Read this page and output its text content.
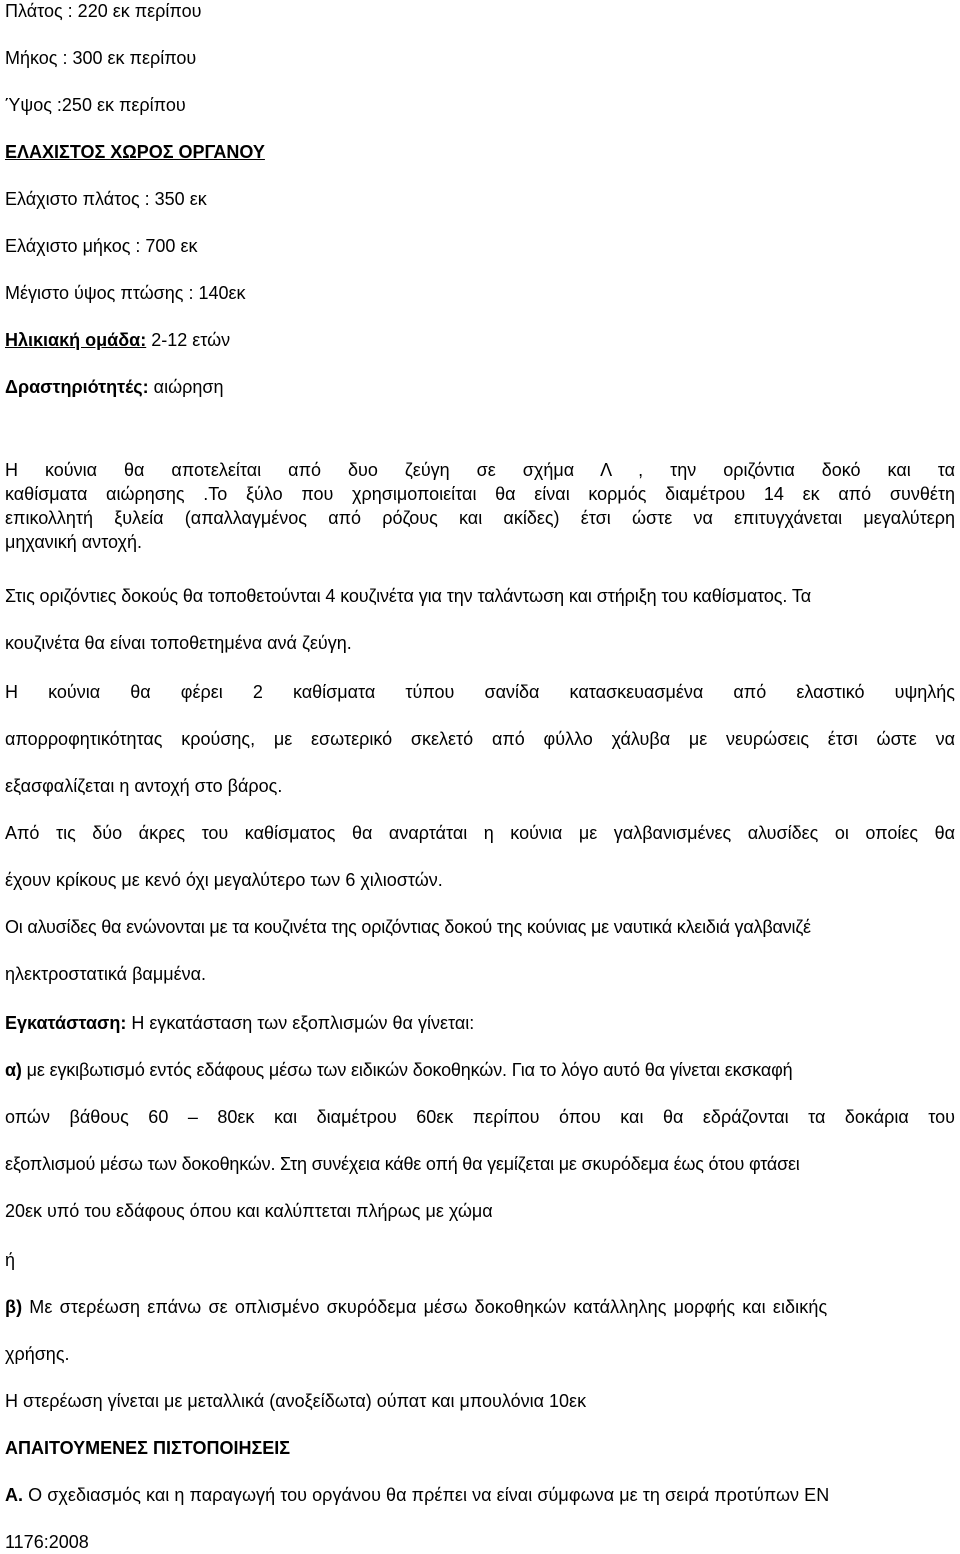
Πλάτος : 220 εκ περίπου
Μήκος : 300 εκ περίπου
Ύψος :250 εκ περίπου
ΕΛΑΧΙΣΤΟΣ ΧΩΡΟΣ ΟΡΓΑΝΟΥ
Ελάχιστο πλάτος : 350 εκ
Ελάχιστο μήκος : 700 εκ
Μέγιστο ύψος πτώσης : 140εκ
Ηλικιακή ομάδα: 2-12 ετών
Δραστηριότητές: αιώρηση
Η κούνια θα αποτελείται από δυο ζεύγη σε σχήμα Λ , την οριζόντια δοκό και τα
καθίσματα αιώρησης .Το ξύλο που χρησιμοποιείται θα είναι κορμός διαμέτρου 14 εκ από συνθέτη
επικολλητή ξυλεία (απαλλαγμένος από ρόζους και ακίδες) έτσι ώστε να επιτυγχάνεται μεγαλύτερη
μηχανική αντοχή.
Στις οριζόντιες δοκούς θα τοποθετούνται 4 κουζινέτα για την ταλάντωση και στήριξη του καθίσματος. Τα
κουζινέτα θα είναι τοποθετημένα ανά ζεύγη.
Η κούνια θα φέρει 2 καθίσματα τύπου σανίδα κατασκευασμένα από ελαστικό υψηλής
απορροφητικότητας κρούσης, με εσωτερικό σκελετό από φύλλο χάλυβα με νευρώσεις έτσι ώστε να
εξασφαλίζεται η αντοχή στο βάρος.
Από τις δύο άκρες του καθίσματος θα αναρτάται η κούνια με γαλβανισμένες αλυσίδες οι οποίες θα
έχουν κρίκους με κενό όχι μεγαλύτερο των 6 χιλιοστών.
Οι αλυσίδες θα ενώνονται με τα κουζινέτα της οριζόντιας δοκού της κούνιας με ναυτικά κλειδιά γαλβανιζέ
ηλεκτροστατικά βαμμένα.
Εγκατάσταση: Η εγκατάσταση των εξοπλισμών θα γίνεται:
α) με εγκιβωτισμό εντός εδάφους μέσω των ειδικών δοκοθηκών. Για το λόγο αυτό θα γίνεται εκσκαφή
οπών βάθους 60 – 80εκ και διαμέτρου 60εκ περίπου όπου και θα εδράζονται τα δοκάρια του
εξοπλισμού μέσω των δοκοθηκών. Στη συνέχεια κάθε οπή θα γεμίζεται με σκυρόδεμα έως ότου φτάσει
20εκ υπό του εδάφους όπου και καλύπτεται πλήρως με χώμα
ή
β) Με στερέωση επάνω σε οπλισμένο σκυρόδεμα μέσω δοκοθηκών κατάλληλης μορφής και ειδικής
χρήσης.
Η στερέωση γίνεται με μεταλλικά (ανοξείδωτα) ούπατ και μπουλόνια 10εκ
ΑΠΑΙΤΟΥΜΕΝΕΣ ΠΙΣΤΟΠΟΙΗΣΕΙΣ
Α. Ο σχεδιασμός και η παραγωγή του οργάνου θα πρέπει να είναι σύμφωνα με τη σειρά προτύπων ΕΝ
1176:2008
